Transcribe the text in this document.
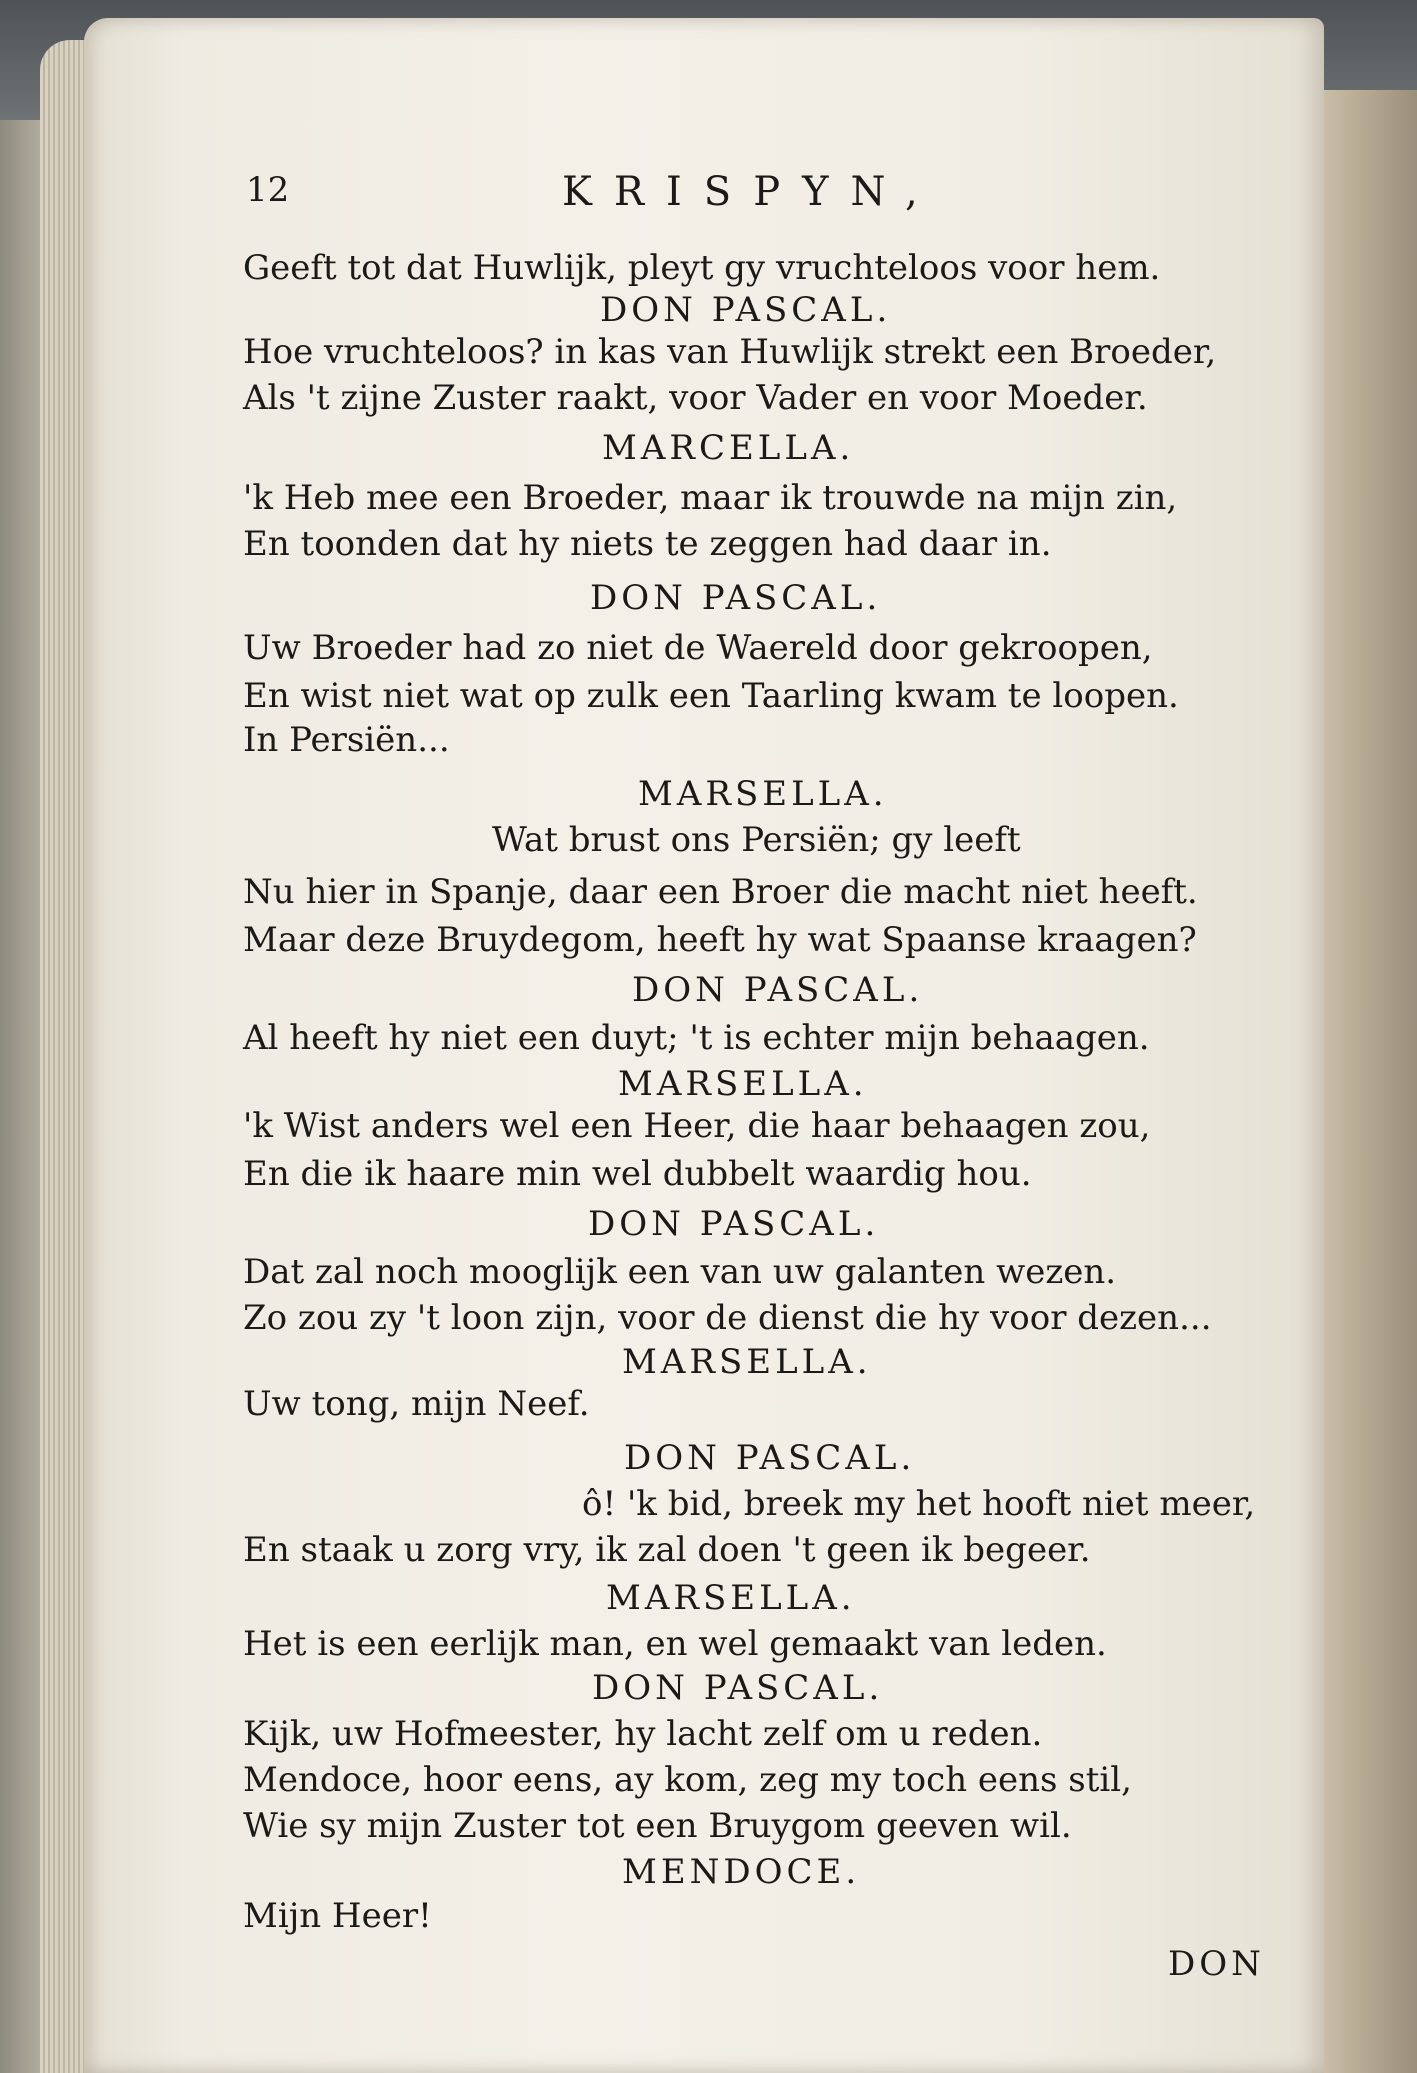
12	KRISPYN,
Geeft tot dat Huwlijk, pleyt gy vruchteloos voor hem.
DON PASCAL.
Hoe vruchteloos? in kas van Huwlijk strekt een Broeder,
Als 't zijne Zuster raakt, voor Vader en voor Moeder.
MARCELLA.
'k Heb mee een Broeder, maar ik trouwde na mijn zin,
En toonden dat hy niets te zeggen had daar in.
DON PASCAL.
Uw Broeder had zo niet de Waereld door gekroopen,
En wist niet wat op zulk een Taarling kwam te loopen.
In Persiën...
MARSELLA.
Wat brust ons Persiën; gy leeft
Nu hier in Spanje, daar een Broer die macht niet heeft.
Maar deze Bruydegom, heeft hy wat Spaanse kraagen?
DON PASCAL.
Al heeft hy niet een duyt; 't is echter mijn behaagen.
MARSELLA.
'k Wist anders wel een Heer, die haar behaagen zou,
En die ik haare min wel dubbelt waardig hou.
DON PASCAL.
Dat zal noch mooglijk een van uw galanten wezen.
Zo zou zy 't loon zijn, voor de dienst die hy voor dezen...
MARSELLA.
Uw tong, mijn Neef.
DON PASCAL.
ô! 'k bid, breek my het hooft niet meer,
En staak u zorg vry, ik zal doen 't geen ik begeer.
MARSELLA.
Het is een eerlijk man, en wel gemaakt van leden.
DON PASCAL.
Kijk, uw Hofmeester, hy lacht zelf om u reden.
Mendoce, hoor eens, ay kom, zeg my toch eens stil,
Wie sy mijn Zuster tot een Bruygom geeven wil.
MENDOCE.
Mijn Heer!
DON
